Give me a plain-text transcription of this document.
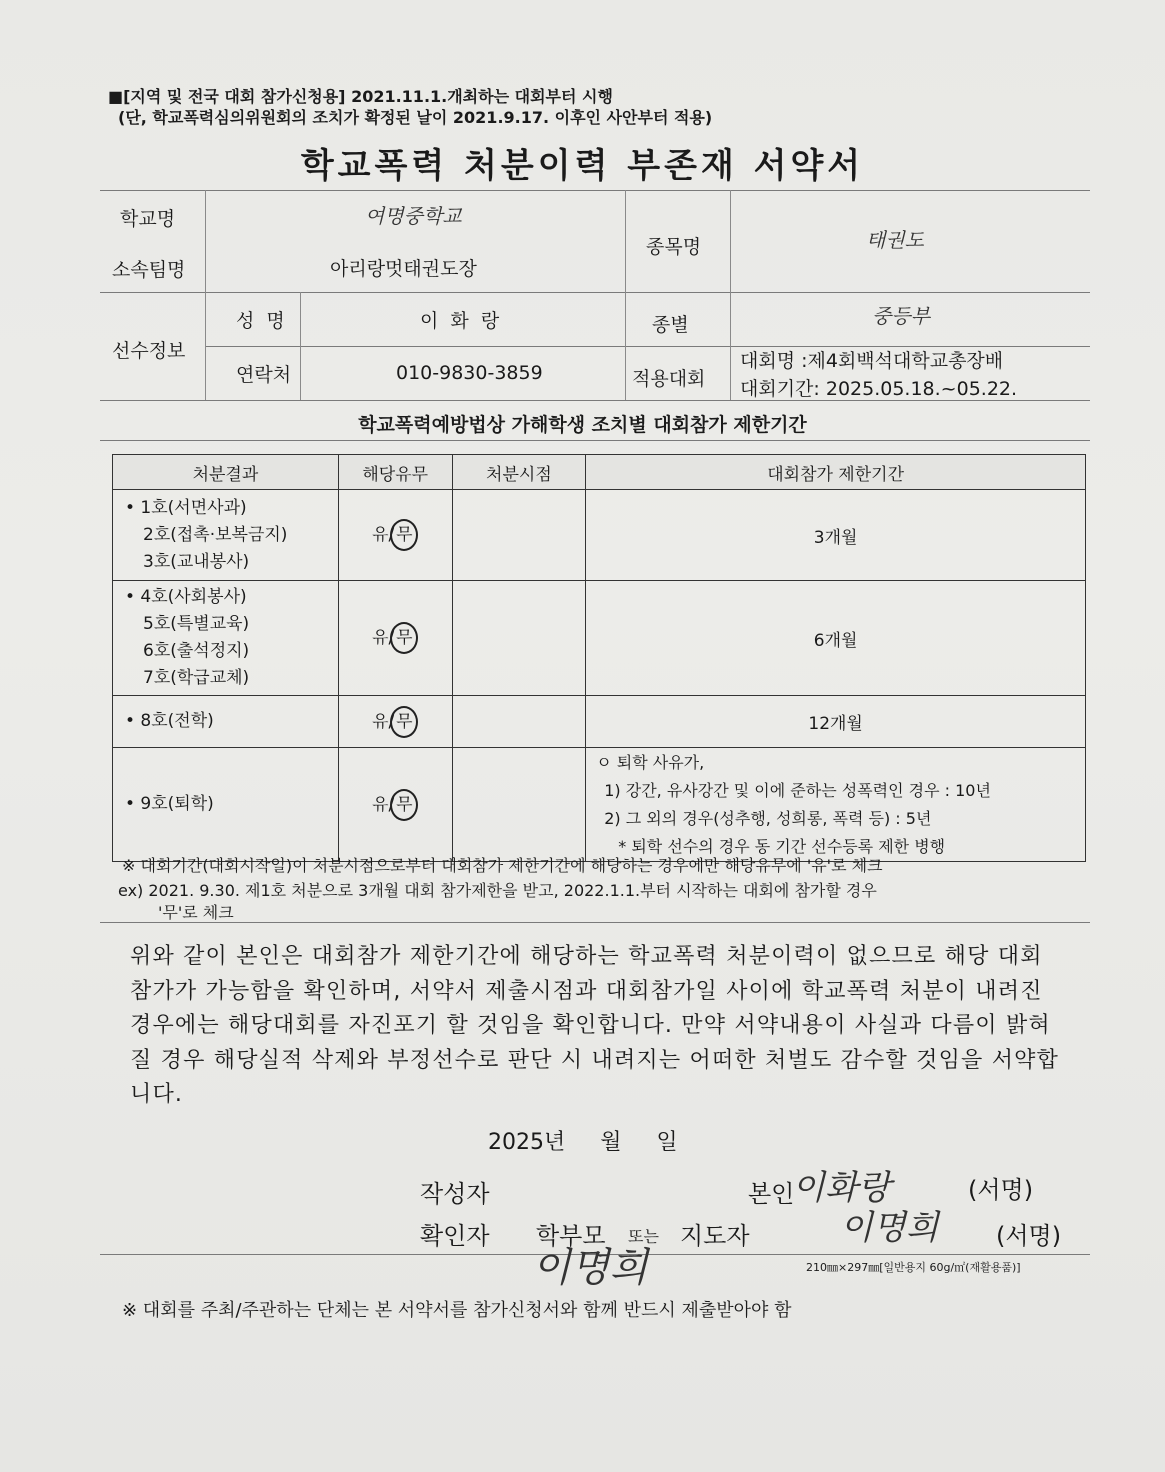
■[지역 및 전국 대회 참가신청용] 2021.11.1.개최하는 대회부터 시행
(단, 학교폭력심의위원회의 조치가 확정된 날이 2021.9.17. 이후인 사안부터 적용)
학교폭력 처분이력 부존재 서약서
학교명	여명중학교
소속팀명	아리랑멋태권도장
종목명	태권도
선수정보
성  명	이  화  랑	종별	중등부
연락처	010-9830-3859	적용대회
대회명 :제4회백석대학교총장배
대회기간: 2025.05.18.~05.22.
학교폭력예방법상 가해학생 조치별 대회참가 제한기간
처분결과	해당유무	처분시점	대회참가 제한기간

• 1호(서면사과)
2호(접촉·보복금지)
3호(교내봉사)	유/ 무		3개월

• 4호(사회봉사)
5호(특별교육)
6호(출석정지)
7호(학급교체)	유/ 무		6개월

• 8호(전학)	유/ 무		12개월

• 9호(퇴학)	유/ 무		ㅇ 퇴학 사유가,
1) 강간, 유사강간 및 이에 준하는 성폭력인 경우 : 10년
2) 그 외의 경우(성추행, 성희롱, 폭력 등) : 5년
* 퇴학 선수의 경우 동 기간 선수등록 제한 병행
※ 대회기간(대회시작일)이 처분시점으로부터 대회참가 제한기간에 해당하는 경우에만 해당유무에 '유'로 체크
ex) 2021. 9.30. 제1호 처분으로 3개월 대회 참가제한을 받고, 2022.1.1.부터 시작하는 대회에 참가할 경우
'무'로 체크
위와 같이 본인은 대회참가 제한기간에 해당하는 학교폭력 처분이력이 없으므로 해당 대회 참가가 가능함을 확인하며, 서약서 제출시점과 대회참가일 사이에 학교폭력 처분이 내려진 경우에는 해당대회를 자진포기 할 것임을 확인합니다. 만약 서약내용이 사실과 다름이 밝혀질 경우 해당실적 삭제와 부정선수로 판단 시 내려지는 어떠한 처벌도 감수할 것임을 서약합니다.
2025년     월     일
작성자	본인
이화랑	(서명)
확인자 학부모 또는 지도자	이명희 (서명)
210㎜×297㎜[일반용지 60g/㎡(재활용품)]
이명희
※ 대회를 주최/주관하는 단체는 본 서약서를 참가신청서와 함께 반드시 제출받아야 함
